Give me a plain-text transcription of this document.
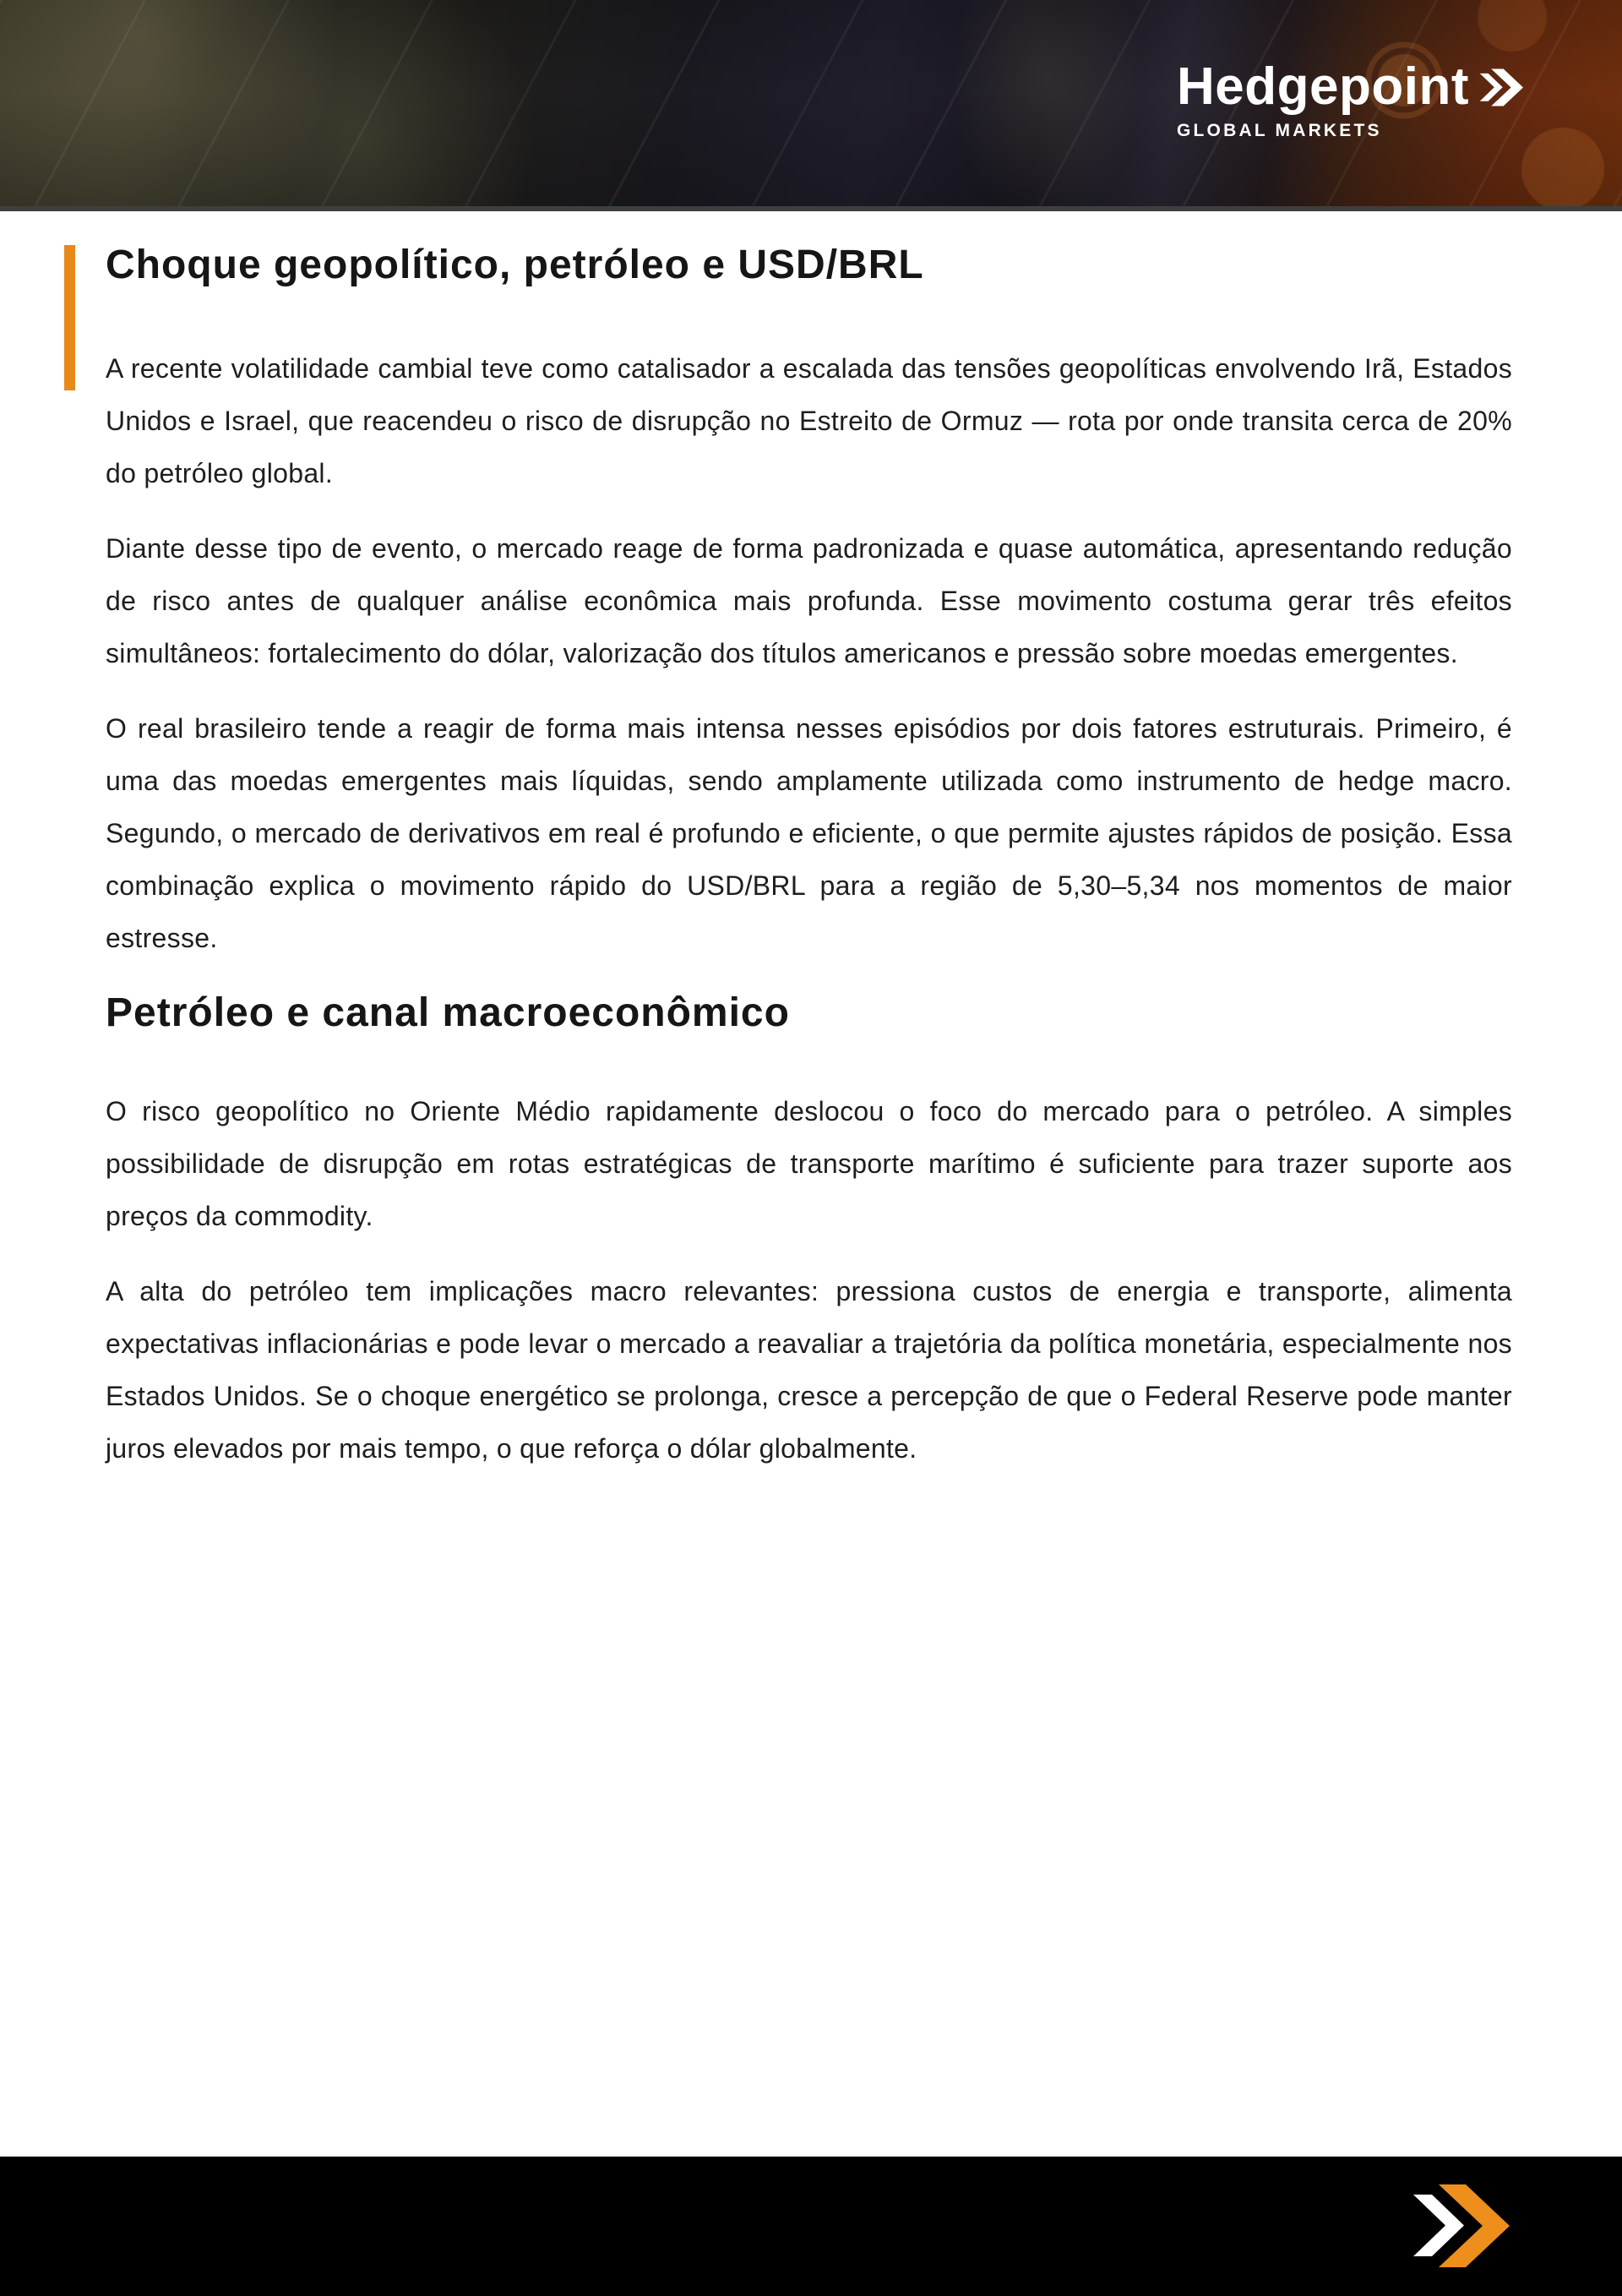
Hedgepoint
GLOBAL MARKETS
Choque geopolítico, petróleo e USD/BRL

A recente volatilidade cambial teve como catalisador a escalada das tensões geopolíticas envolvendo Irã, Estados Unidos e Israel, que reacendeu o risco de disrupção no Estreito de Ormuz — rota por onde transita cerca de 20% do petróleo global.

Diante desse tipo de evento, o mercado reage de forma padronizada e quase automática, apresentando redução de risco antes de qualquer análise econômica mais profunda. Esse movimento costuma gerar três efeitos simultâneos: fortalecimento do dólar, valorização dos títulos americanos e pressão sobre moedas emergentes.

O real brasileiro tende a reagir de forma mais intensa nesses episódios por dois fatores estruturais. Primeiro, é uma das moedas emergentes mais líquidas, sendo amplamente utilizada como instrumento de hedge macro. Segundo, o mercado de derivativos em real é profundo e eficiente, o que permite ajustes rápidos de posição. Essa combinação explica o movimento rápido do USD/BRL para a região de 5,30–5,34 nos momentos de maior estresse.

Petróleo e canal macroeconômico

O risco geopolítico no Oriente Médio rapidamente deslocou o foco do mercado para o petróleo. A simples possibilidade de disrupção em rotas estratégicas de transporte marítimo é suficiente para trazer suporte aos preços da commodity.

A alta do petróleo tem implicações macro relevantes: pressiona custos de energia e transporte, alimenta expectativas inflacionárias e pode levar o mercado a reavaliar a trajetória da política monetária, especialmente nos Estados Unidos. Se o choque energético se prolonga, cresce a percepção de que o Federal Reserve pode manter juros elevados por mais tempo, o que reforça o dólar globalmente.
